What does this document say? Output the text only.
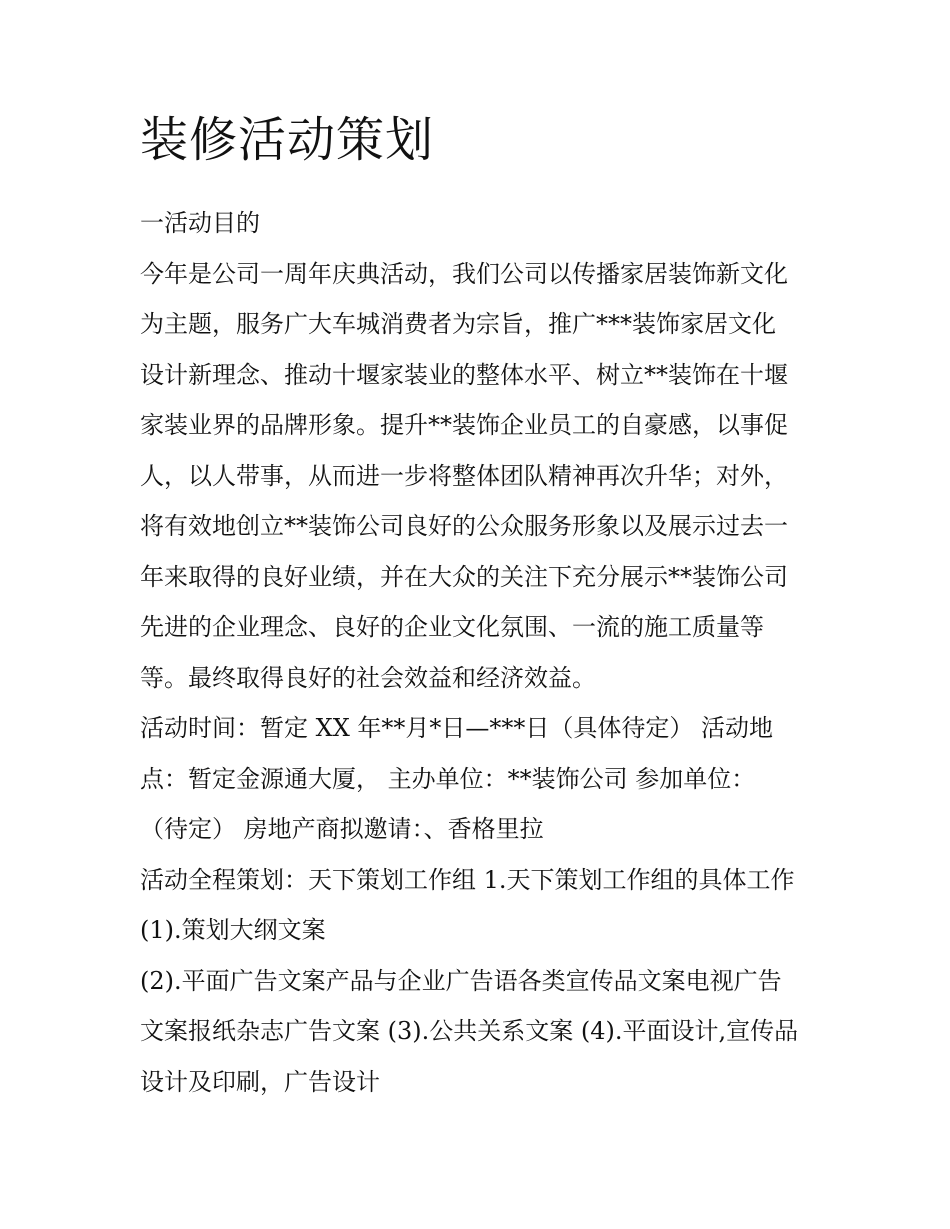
装修活动策划

一活动目的

今年是公司一周年庆典活动，我们公司以传播家居装饰新文化

为主题，服务广大车城消费者为宗旨，推广***装饰家居文化

设计新理念、推动十堰家装业的整体水平、树立**装饰在十堰

家装业界的品牌形象。提升**装饰企业员工的自豪感，以事促

人，以人带事，从而进一步将整体团队精神再次升华；对外，

将有效地创立**装饰公司良好的公众服务形象以及展示过去一

年来取得的良好业绩，并在大众的关注下充分展示**装饰公司

先进的企业理念、良好的企业文化氛围、一流的施工质量等

等。最终取得良好的社会效益和经济效益。

活动时间：暂定 XX 年**月*日—***日（具体待定） 活动地

点：暂定金源通大厦， 主办单位：**装饰公司 参加单位：

（待定） 房地产商拟邀请：、香格里拉

活动全程策划：天下策划工作组 1.天下策划工作组的具体工作

(1).策划大纲文案

(2).平面广告文案产品与企业广告语各类宣传品文案电视广告

文案报纸杂志广告文案 (3).公共关系文案 (4).平面设计,宣传品

设计及印刷，广告设计
